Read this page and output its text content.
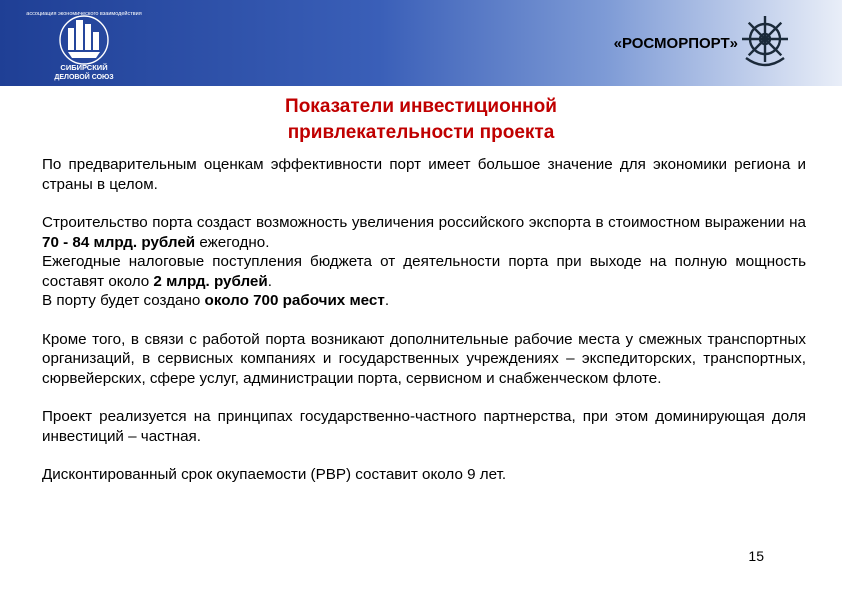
ассоциация экономического взаимодействия
СИБИРСКИЙ
ДЕЛОВОЙ СОЮЗ
«РОСМОРПОРТ»
Показатели инвестиционной
привлекательности проекта

По предварительным оценкам эффективности порт имеет большое значение для экономики региона и страны в целом.

Строительство порта создаст возможность увеличения российского экспорта в стоимостном выражении на 70 - 84 млрд. рублей ежегодно.

Ежегодные налоговые поступления бюджета от деятельности порта при выходе на полную мощность составят около 2 млрд. рублей.

В порту будет создано около 700 рабочих мест.

Кроме того, в связи с работой порта возникают дополнительные рабочие места у смежных транспортных организаций, в сервисных компаниях и государственных учреждениях – экспедиторских, транспортных, сюрвейерских, сфере услуг, администрации порта, сервисном и снабженческом флоте.

Проект реализуется на принципах государственно-частного партнерства, при этом доминирующая доля инвестиций – частная.

Дисконтированный срок окупаемости (PBP) составит около 9 лет.

15
